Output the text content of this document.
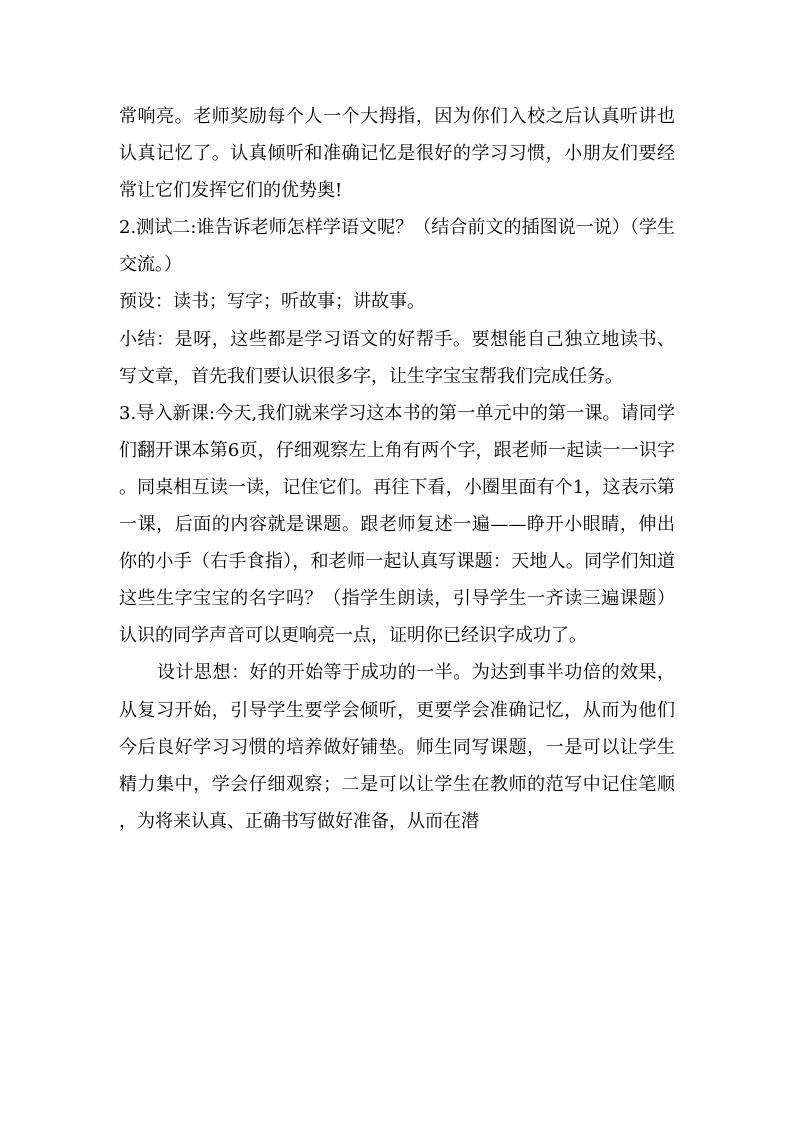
常响亮。老师奖励每个人一个大拇指，因为你们入校之后认真听讲也认真记忆了。认真倾听和准确记忆是很好的学习习惯，小朋友们要经常让它们发挥它们的优势奥!

2.测试二:谁告诉老师怎样学语文呢？（结合前文的插图说一说）（学生交流。）

预设：读书；写字；听故事；讲故事。

小结：是呀，这些都是学习语文的好帮手。要想能自己独立地读书、写文章，首先我们要认识很多字，让生字宝宝帮我们完成任务。

3.导入新课:今天,我们就来学习这本书的第一单元中的第一课。请同学们翻开课本第6页，仔细观察左上角有两个字，跟老师一起读一一识字。同桌相互读一读，记住它们。再往下看，小圈里面有个1，这表示第一课，后面的内容就是课题。跟老师复述一遍——睁开小眼睛，伸出你的小手（右手食指），和老师一起认真写课题：天地人。同学们知道这些生字宝宝的名字吗？（指学生朗读，引导学生一齐读三遍课题）认识的同学声音可以更响亮一点，证明你已经识字成功了。

设计思想：好的开始等于成功的一半。为达到事半功倍的效果，从复习开始，引导学生要学会倾听，更要学会准确记忆，从而为他们今后良好学习习惯的培养做好铺垫。师生同写课题，一是可以让学生精力集中，学会仔细观察；二是可以让学生在教师的范写中记住笔顺，为将来认真、正确书写做好准备，从而在潜
